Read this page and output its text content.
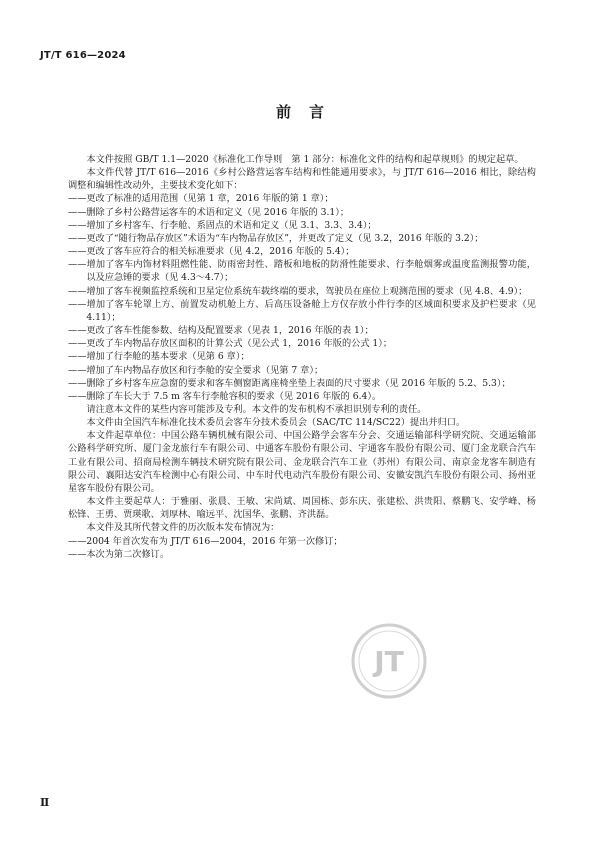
JT/T 616—2024
前言

本文件按照 GB/T 1.1—2020《标准化工作导则　第 1 部分：标准化文件的结构和起草规则》的规定起草。

本文件代替 JT/T 616—2016《乡村公路营运客车结构和性能通用要求》，与 JT/T 616—2016 相比，除结构调整和编辑性改动外，主要技术变化如下：

——更改了标准的适用范围（见第 1 章，2016 年版的第 1 章）；

——删除了乡村公路营运客车的术语和定义（见 2016 年版的 3.1）；

——增加了乡村客车、行李舱、系固点的术语和定义（见 3.1、3.3、3.4）；

——更改了“随行物品存放区”术语为“车内物品存放区”，并更改了定义（见 3.2，2016 年版的 3.2）；

——更改了客车应符合的相关标准要求（见 4.2，2016 年版的 5.4）；

——增加了客车内饰材料阻燃性能、防雨密封性、踏板和地板的防滑性能要求、行李舱烟雾或温度监测报警功能，以及应急锤的要求（见 4.3～4.7）；

——增加了客车视频监控系统和卫星定位系统车载终端的要求，驾驶员在座位上观测范围的要求（见 4.8、4.9）；

——增加了客车轮罩上方、前置发动机舱上方、后高压设备舱上方仅存放小件行李的区域面积要求及护栏要求（见 4.11）；

——更改了客车性能参数、结构及配置要求（见表 1，2016 年版的表 1）；

——更改了车内物品存放区面积的计算公式（见公式 1，2016 年版的公式 1）；

——增加了行李舱的基本要求（见第 6 章）；

——增加了车内物品存放区和行李舱的安全要求（见第 7 章）；

——删除了乡村客车应急窗的要求和客车侧窗距离座椅坐垫上表面的尺寸要求（见 2016 年版的 5.2、5.3）；

——删除了车长大于 7.5 m 客车行李舱容积的要求（见 2016 年版的 6.4）。

请注意本文件的某些内容可能涉及专利。本文件的发布机构不承担识别专利的责任。

本文件由全国汽车标准化技术委员会客车分技术委员会（SAC/TC 114/SC22）提出并归口。

本文件起草单位：中国公路车辆机械有限公司、中国公路学会客车分会、交通运输部科学研究院、交通运输部公路科学研究所、厦门金龙旅行车有限公司、中通客车股份有限公司、宇通客车股份有限公司、厦门金龙联合汽车工业有限公司、招商局检测车辆技术研究院有限公司、金龙联合汽车工业（苏州）有限公司、南京金龙客车制造有限公司、襄阳达安汽车检测中心有限公司、中车时代电动汽车股份有限公司、安徽安凯汽车股份有限公司、扬州亚星客车股份有限公司。

本文件主要起草人：于雅丽、张晨、王敏、宋尚斌、周国栋、彭东庆、张建松、洪贵阳、蔡鹏飞、安学峰、杨松锋、王勇、贾瑛歌、刘厚林、喻远平、沈国华、张鹏、齐洪磊。

本文件及其所代替文件的历次版本发布情况为：

——2004 年首次发布为 JT/T 616—2004，2016 年第一次修订；

——本次为第二次修订。

JT
Ⅱ
